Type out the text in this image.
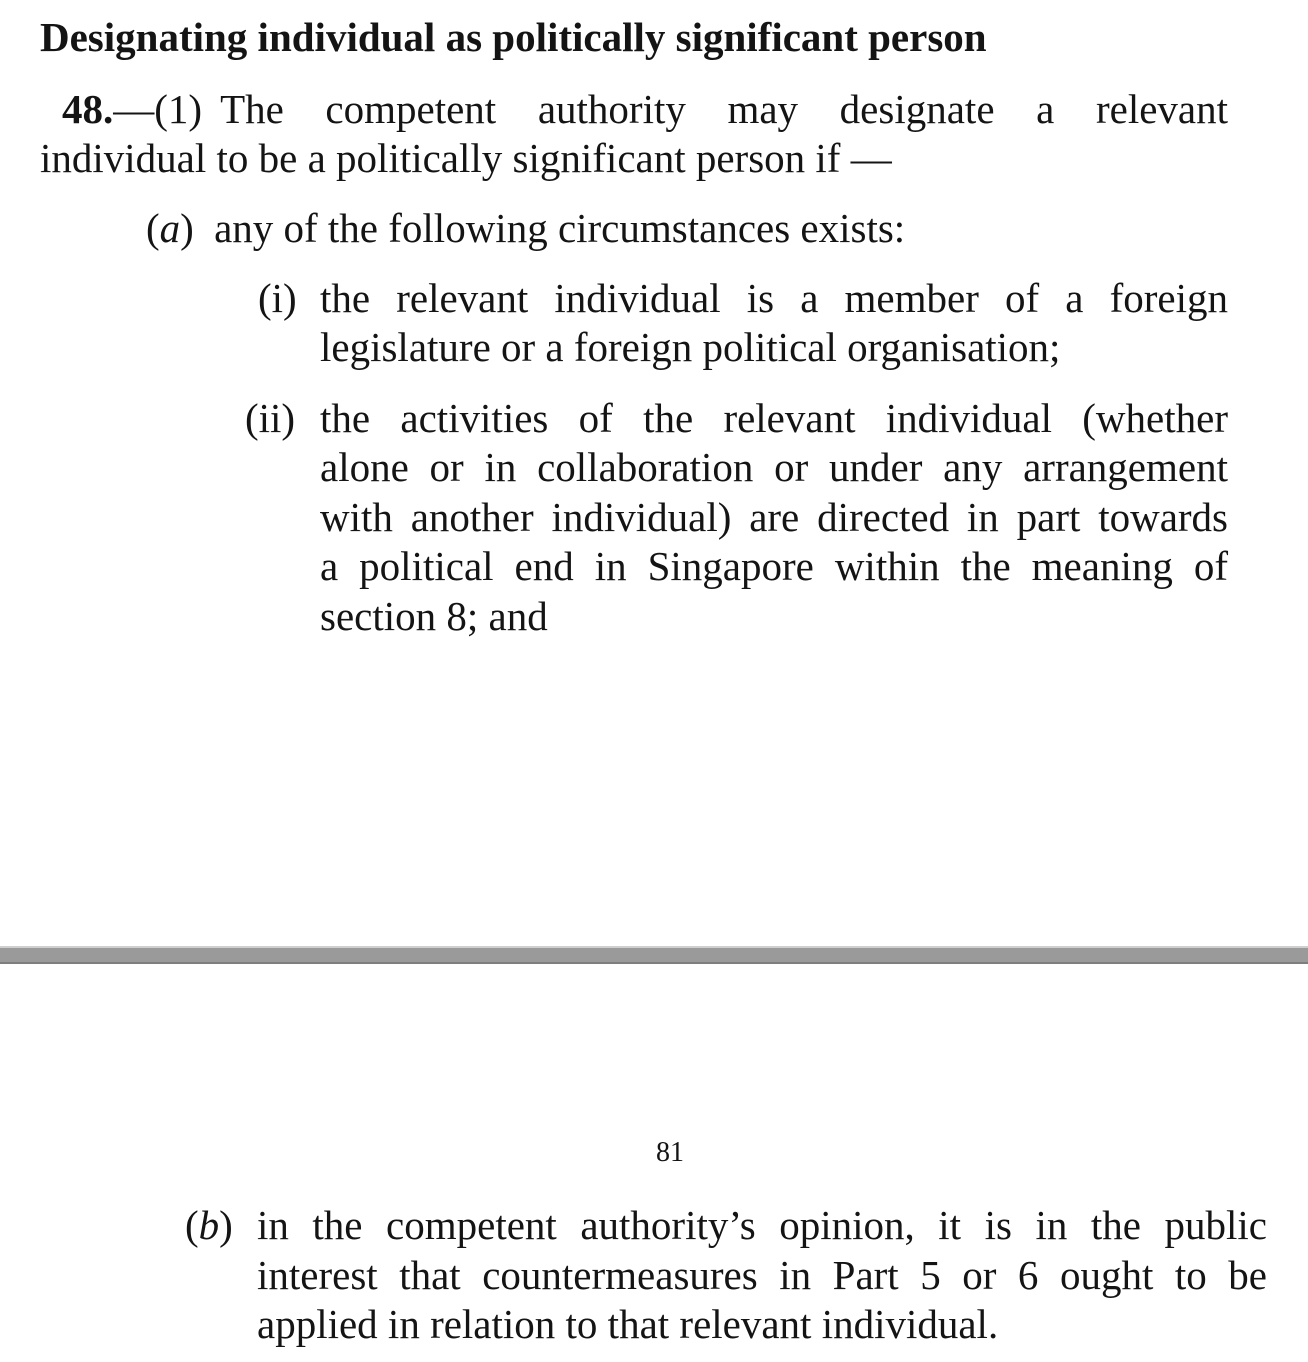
Designating individual as politically significant person
48.—(1) The competent authority may designate a relevant
individual to be a politically significant person if —
(a) any of the following circumstances exists:
(i) the relevant individual is a member of a foreign
legislature or a foreign political organisation;
(ii) the activities of the relevant individual (whether
alone or in collaboration or under any arrangement
with another individual) are directed in part towards
a political end in Singapore within the meaning of
section 8; and
81
(b) in the competent authority’s opinion, it is in the public
interest that countermeasures in Part 5 or 6 ought to be
applied in relation to that relevant individual.
